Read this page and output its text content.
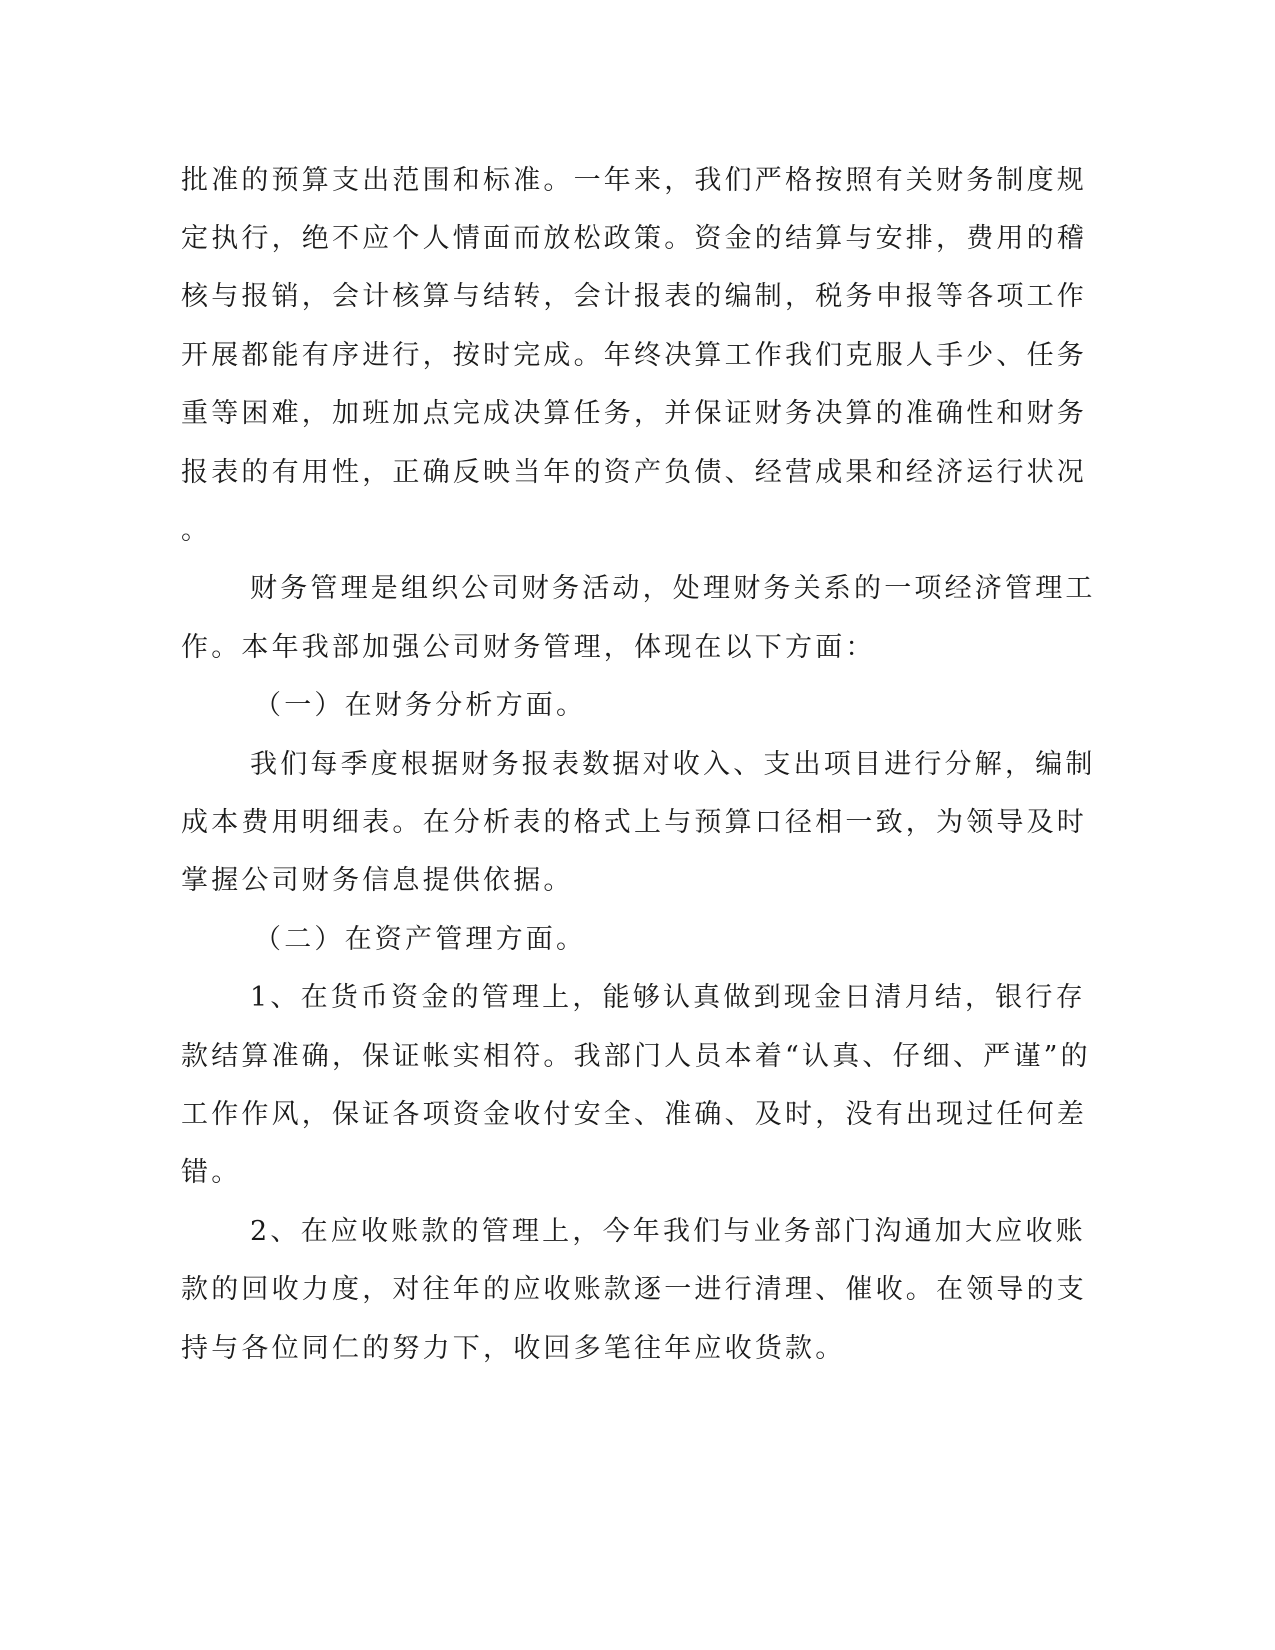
批准的预算支出范围和标准。一年来，我们严格按照有关财务制度规
定执行，绝不应个人情面而放松政策。资金的结算与安排，费用的稽
核与报销，会计核算与结转，会计报表的编制，税务申报等各项工作
开展都能有序进行，按时完成。年终决算工作我们克服人手少、任务
重等困难，加班加点完成决算任务，并保证财务决算的准确性和财务
报表的有用性，正确反映当年的资产负债、经营成果和经济运行状况
。
财务管理是组织公司财务活动，处理财务关系的一项经济管理工
作。本年我部加强公司财务管理，体现在以下方面：
（一）在财务分析方面。
我们每季度根据财务报表数据对收入、支出项目进行分解，编制
成本费用明细表。在分析表的格式上与预算口径相一致，为领导及时
掌握公司财务信息提供依据。
（二）在资产管理方面。
1、在货币资金的管理上，能够认真做到现金日清月结，银行存
款结算准确，保证帐实相符。我部门人员本着“认真、仔细、严谨”的
工作作风，保证各项资金收付安全、准确、及时，没有出现过任何差
错。
2、在应收账款的管理上，今年我们与业务部门沟通加大应收账
款的回收力度，对往年的应收账款逐一进行清理、催收。在领导的支
持与各位同仁的努力下，收回多笔往年应收货款。
